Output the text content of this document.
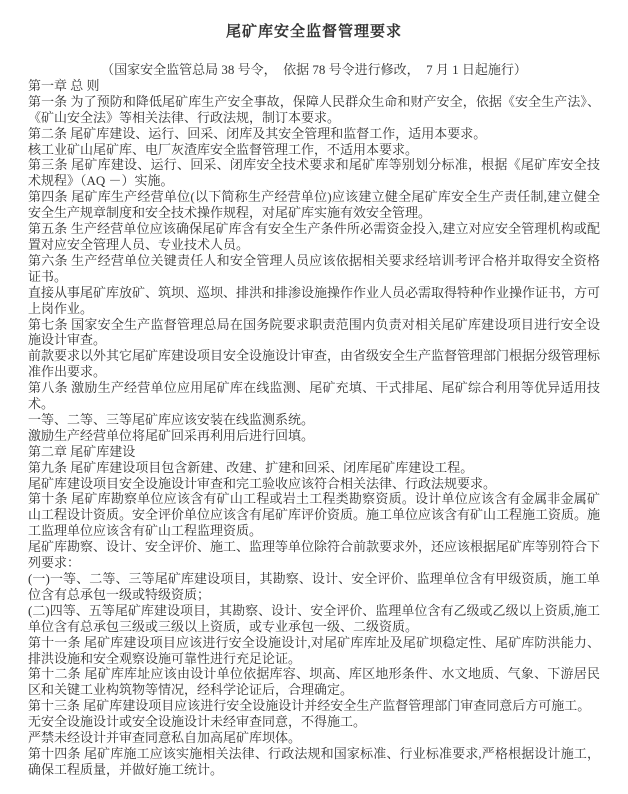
尾矿库安全监督管理要求

（国家安全监管总局 38 号令，  依据 78 号令进行修改，  7 月 1 日起施行）

第一章 总 则

第一条 为了预防和降低尾矿库生产安全事故，保障人民群众生命和财产安全，依据《安全生产法》、《矿山安全法》等相关法律、行政法规，制订本要求。

第二条 尾矿库建设、运行、回采、闭库及其安全管理和监督工作，适用本要求。

核工业矿山尾矿库、电厂灰渣库安全监督管理工作，不适用本要求。

第三条 尾矿库建设、运行、回采、闭库安全技术要求和尾矿库等别划分标准，根据《尾矿库安全技术规程》（AQ －）实施。

第四条 尾矿库生产经营单位(以下简称生产经营单位)应该建立健全尾矿库安全生产责任制,建立健全安全生产规章制度和安全技术操作规程，对尾矿库实施有效安全管理。

第五条 生产经营单位应该确保尾矿库含有安全生产条件所必需资金投入,建立对应安全管理机构或配置对应安全管理人员、专业技术人员。

第六条 生产经营单位关键责任人和安全管理人员应该依据相关要求经培训考评合格并取得安全资格证书。

直接从事尾矿库放矿、筑坝、巡坝、排洪和排渗设施操作作业人员必需取得特种作业操作证书，方可上岗作业。

第七条 国家安全生产监督管理总局在国务院要求职责范围内负责对相关尾矿库建设项目进行安全设施设计审查。

前款要求以外其它尾矿库建设项目安全设施设计审查，由省级安全生产监督管理部门根据分级管理标准作出要求。

第八条 激励生产经营单位应用尾矿库在线监测、尾矿充填、干式排尾、尾矿综合利用等优异适用技术。

一等、二等、三等尾矿库应该安装在线监测系统。

激励生产经营单位将尾矿回采再利用后进行回填。

第二章 尾矿库建设

第九条 尾矿库建设项目包含新建、改建、扩建和回采、闭库尾矿库建设工程。

尾矿库建设项目安全设施设计审查和完工验收应该符合相关法律、行政法规要求。

第十条 尾矿库勘察单位应该含有矿山工程或岩土工程类勘察资质。设计单位应该含有金属非金属矿山工程设计资质。安全评价单位应该含有尾矿库评价资质。施工单位应该含有矿山工程施工资质。施工监理单位应该含有矿山工程监理资质。

尾矿库勘察、设计、安全评价、施工、监理等单位除符合前款要求外，还应该根据尾矿库等别符合下列要求：

(一)一等、二等、三等尾矿库建设项目，其勘察、设计、安全评价、监理单位含有甲级资质，施工单位含有总承包一级或特级资质；

(二)四等、五等尾矿库建设项目，其勘察、设计、安全评价、监理单位含有乙级或乙级以上资质,施工单位含有总承包三级或三级以上资质，或专业承包一级、二级资质。

第十一条 尾矿库建设项目应该进行安全设施设计,对尾矿库库址及尾矿坝稳定性、尾矿库防洪能力、排洪设施和安全观察设施可靠性进行充足论证。

第十二条 尾矿库库址应该由设计单位依据库容、坝高、库区地形条件、水文地质、气象、下游居民区和关键工业构筑物等情况，经科学论证后，合理确定。

第十三条 尾矿库建设项目应该进行安全设施设计并经安全生产监督管理部门审查同意后方可施工。

无安全设施设计或安全设施设计未经审查同意，不得施工。

严禁未经设计并审查同意私自加高尾矿库坝体。

第十四条 尾矿库施工应该实施相关法律、行政法规和国家标准、行业标准要求,严格根据设计施工，确保工程质量，并做好施工统计。
